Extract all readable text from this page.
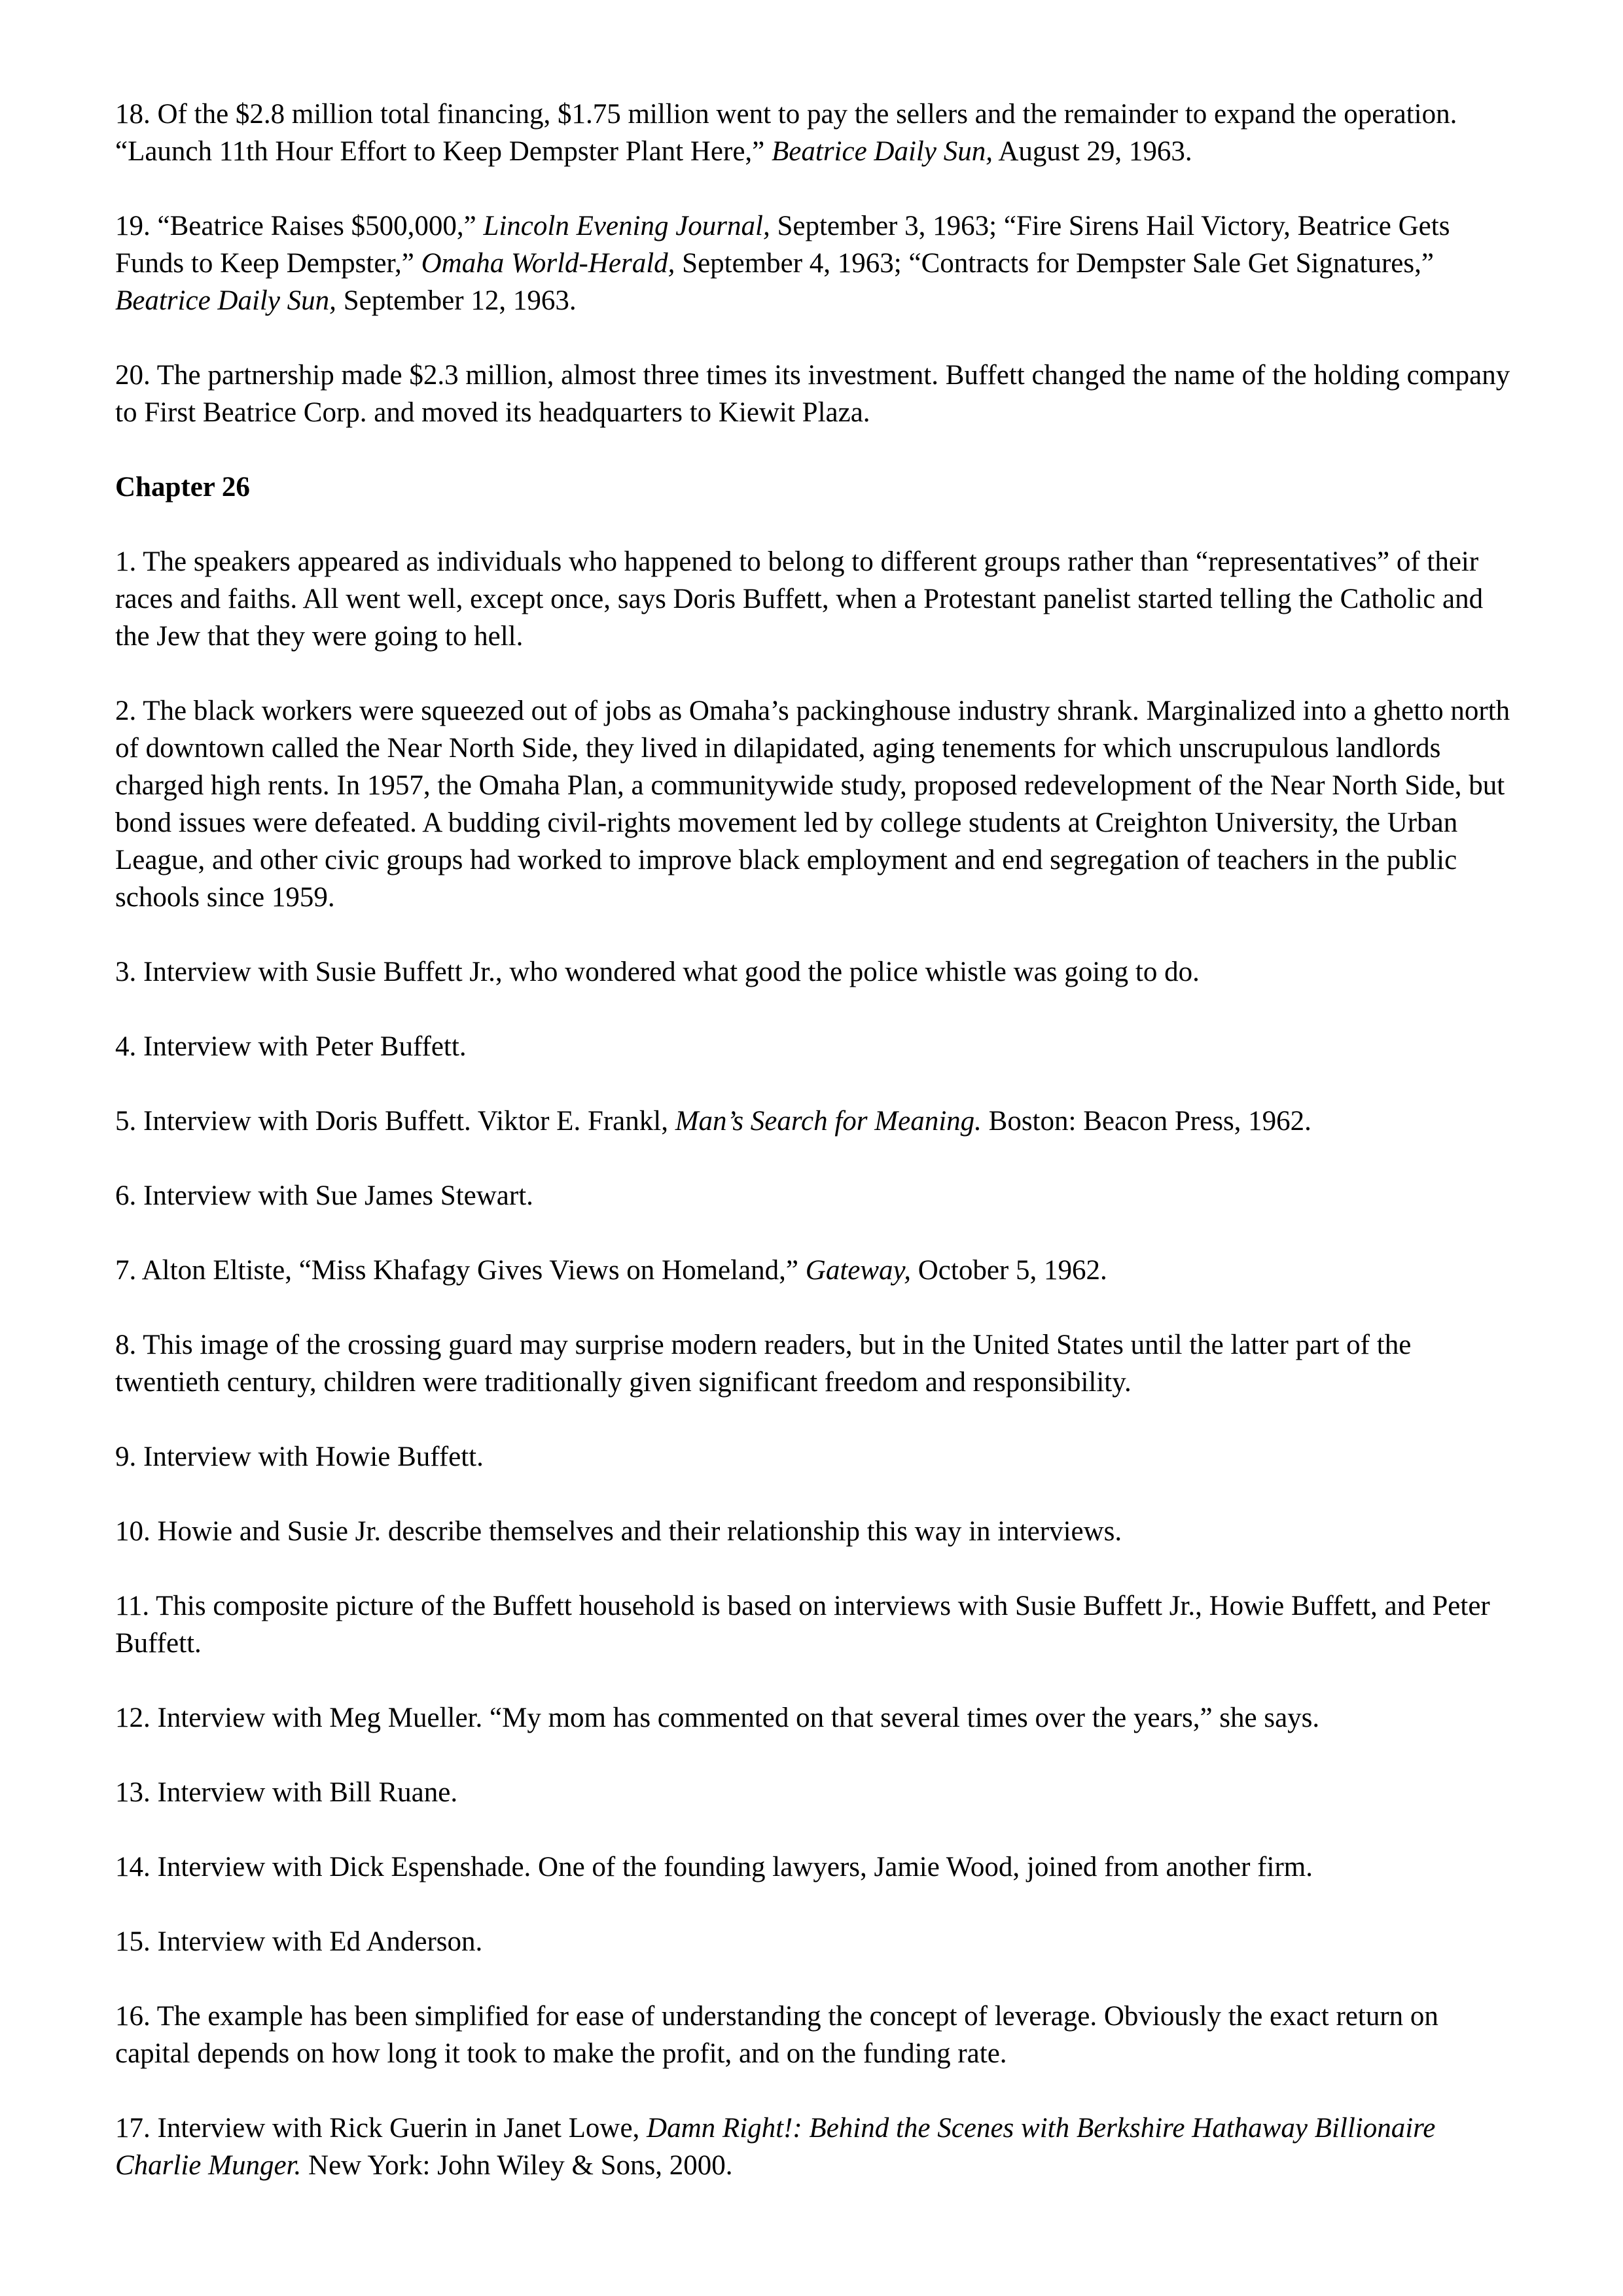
18. Of the $2.8 million total financing, $1.75 million went to pay the sellers and the remainder to expand the operation. “Launch 11th Hour Effort to Keep Dempster Plant Here,” Beatrice Daily Sun, August 29, 1963.

19. “Beatrice Raises $500,000,” Lincoln Evening Journal, September 3, 1963; “Fire Sirens Hail Victory, Beatrice Gets Funds to Keep Dempster,” Omaha World-Herald, September 4, 1963; “Contracts for Dempster Sale Get Signatures,” Beatrice Daily Sun, September 12, 1963.

20. The partnership made $2.3 million, almost three times its investment. Buffett changed the name of the holding company to First Beatrice Corp. and moved its headquarters to Kiewit Plaza.

Chapter 26

1. The speakers appeared as individuals who happened to belong to different groups rather than “representatives” of their races and faiths. All went well, except once, says Doris Buffett, when a Protestant panelist started telling the Catholic and the Jew that they were going to hell.

2. The black workers were squeezed out of jobs as Omaha’s packinghouse industry shrank. Marginalized into a ghetto north of downtown called the Near North Side, they lived in dilapidated, aging tenements for which unscrupulous landlords charged high rents. In 1957, the Omaha Plan, a communitywide study, proposed redevelopment of the Near North Side, but bond issues were defeated. A budding civil-rights movement led by college students at Creighton University, the Urban League, and other civic groups had worked to improve black employment and end segregation of teachers in the public schools since 1959.

3. Interview with Susie Buffett Jr., who wondered what good the police whistle was going to do.

4. Interview with Peter Buffett.

5. Interview with Doris Buffett. Viktor E. Frankl, Man’s Search for Meaning. Boston: Beacon Press, 1962.

6. Interview with Sue James Stewart.

7. Alton Eltiste, “Miss Khafagy Gives Views on Homeland,” Gateway, October 5, 1962.

8. This image of the crossing guard may surprise modern readers, but in the United States until the latter part of the twentieth century, children were traditionally given significant freedom and responsibility.

9. Interview with Howie Buffett.

10. Howie and Susie Jr. describe themselves and their relationship this way in interviews.

11. This composite picture of the Buffett household is based on interviews with Susie Buffett Jr., Howie Buffett, and Peter Buffett.

12. Interview with Meg Mueller. “My mom has commented on that several times over the years,” she says.

13. Interview with Bill Ruane.

14. Interview with Dick Espenshade. One of the founding lawyers, Jamie Wood, joined from another firm.

15. Interview with Ed Anderson.

16. The example has been simplified for ease of understanding the concept of leverage. Obviously the exact return on capital depends on how long it took to make the profit, and on the funding rate.

17. Interview with Rick Guerin in Janet Lowe, Damn Right!: Behind the Scenes with Berkshire Hathaway Billionaire Charlie Munger. New York: John Wiley & Sons, 2000.
